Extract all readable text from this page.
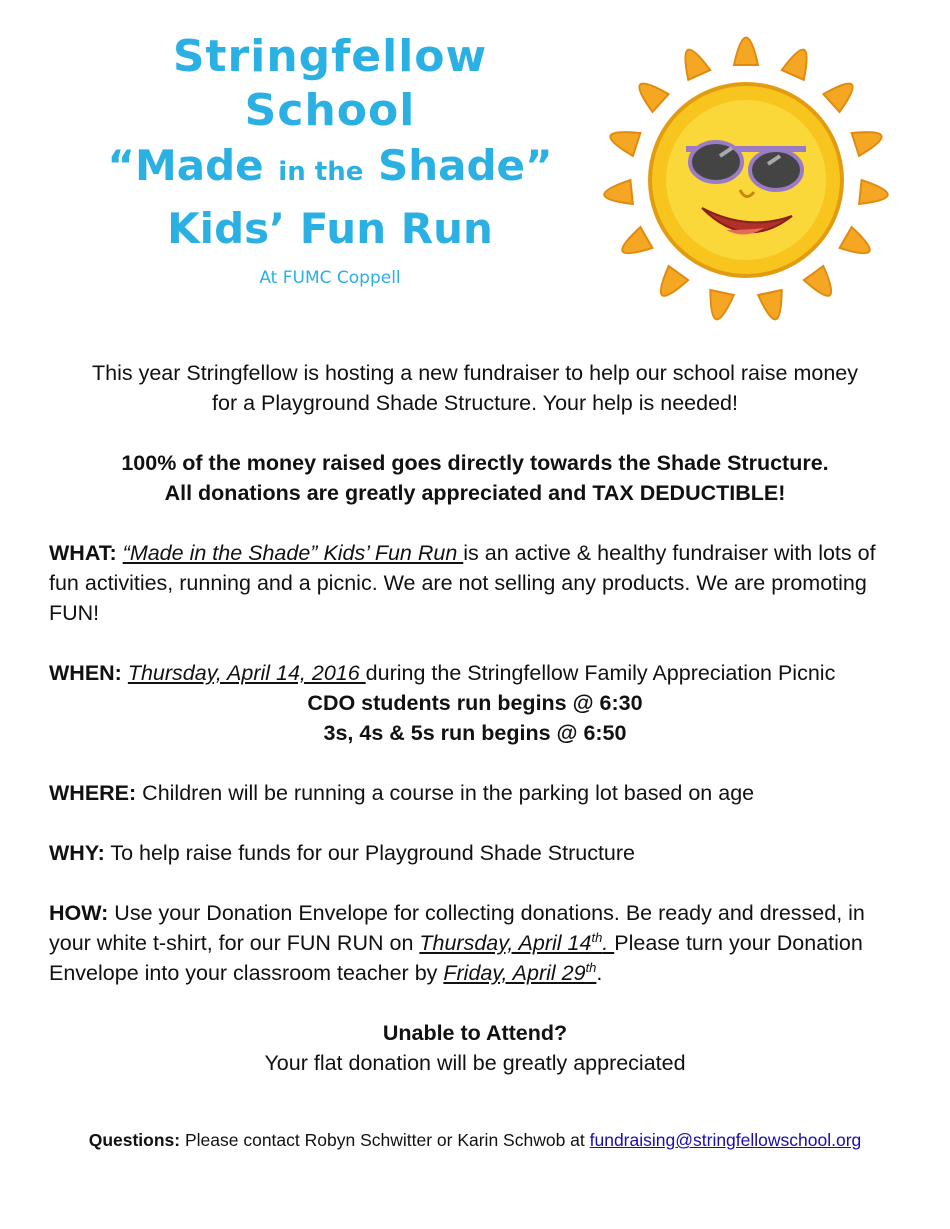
Stringfellow School
“Made in the Shade”
Kids’ Fun Run
At FUMC Coppell
This year Stringfellow is hosting a new fundraiser to help our school raise money
for a Playground Shade Structure. Your help is needed!
100% of the money raised goes directly towards the Shade Structure.
All donations are greatly appreciated and TAX DEDUCTIBLE!
WHAT: “Made in the Shade” Kids’ Fun Run is an active & healthy fundraiser with lots of fun activities, running and a picnic. We are not selling any products. We are promoting FUN!
WHEN: Thursday, April 14, 2016 during the Stringfellow Family Appreciation Picnic
CDO students run begins @ 6:30
3s, 4s & 5s run begins @ 6:50
WHERE: Children will be running a course in the parking lot based on age
WHY: To help raise funds for our Playground Shade Structure
HOW: Use your Donation Envelope for collecting donations. Be ready and dressed, in your white t-shirt, for our FUN RUN on Thursday, April 14th. Please turn your Donation Envelope into your classroom teacher by Friday, April 29th.
Unable to Attend?
Your flat donation will be greatly appreciated
Questions: Please contact Robyn Schwitter or Karin Schwob at fundraising@stringfellowschool.org
